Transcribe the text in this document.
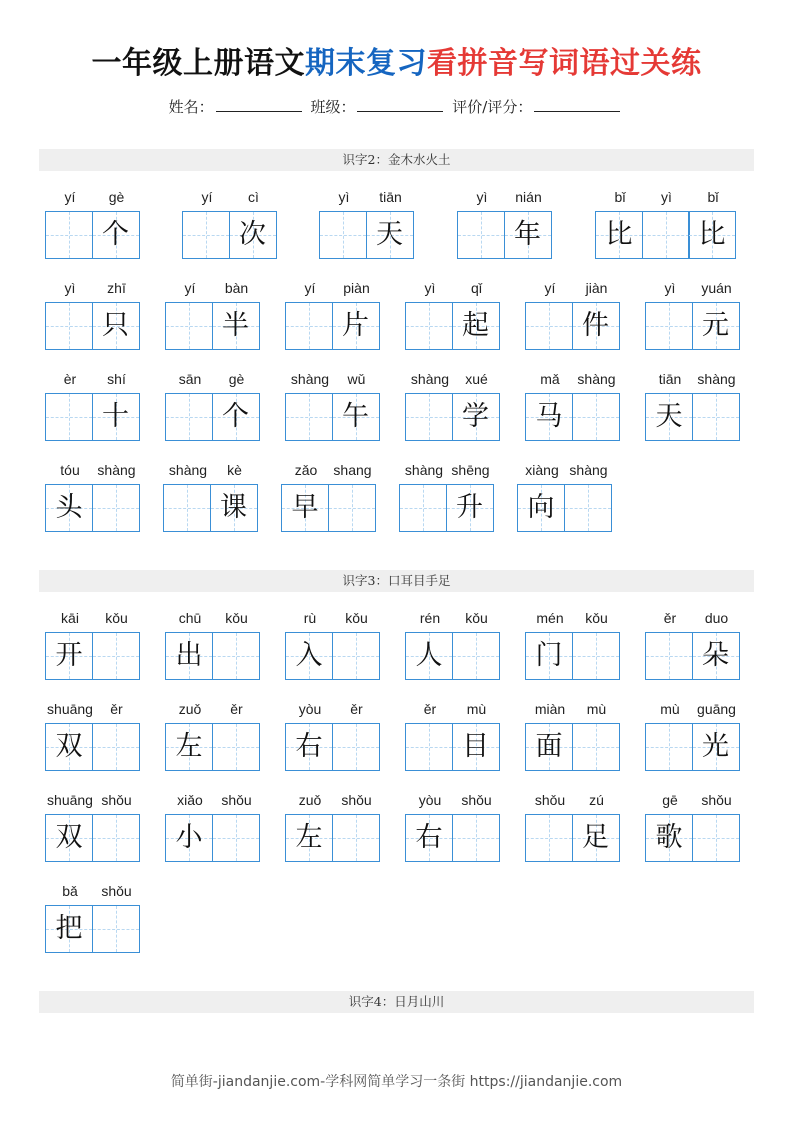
一年级上册语文期末复习看拼音写词语过关练
姓名：	班级：	评价/评分：
识字2：金木水火土
yí	gè
个
yí	cì
次
yì	tiān
天
yì	nián
年
bǐ	yì	bǐ
比	比
yì	zhī
只
yí	bàn
半
yí	piàn
片
yì	qǐ
起
yí	jiàn
件
yì	yuán
元
èr	shí
十
sān	gè
个
shàng	wǔ
午
shàng	xué
学
mǎ	shàng
马
tiān	shàng
天
tóu	shàng
头
shàng	kè
课
zǎo	shang
早
shàng shēng
升
xiàng shàng
向
识字3：口耳目手足
kāi	kǒu
开
chū	kǒu
出
rù	kǒu
入
rén	kǒu
人
mén	kǒu
门
ěr	duo
朵
shuāng	ěr
双
zuǒ	ěr
左
yòu	ěr
右
ěr	mù
目
miàn	mù
面
mù	guāng
光
shuāng shǒu
双
xiǎo	shǒu
小
zuǒ	shǒu
左
yòu	shǒu
右
shǒu	zú
足
gē	shǒu
歌
bǎ	shǒu
把
识字4：日月山川
简单街-jiandanjie.com-学科网简单学习一条街 https://jiandanjie.com
